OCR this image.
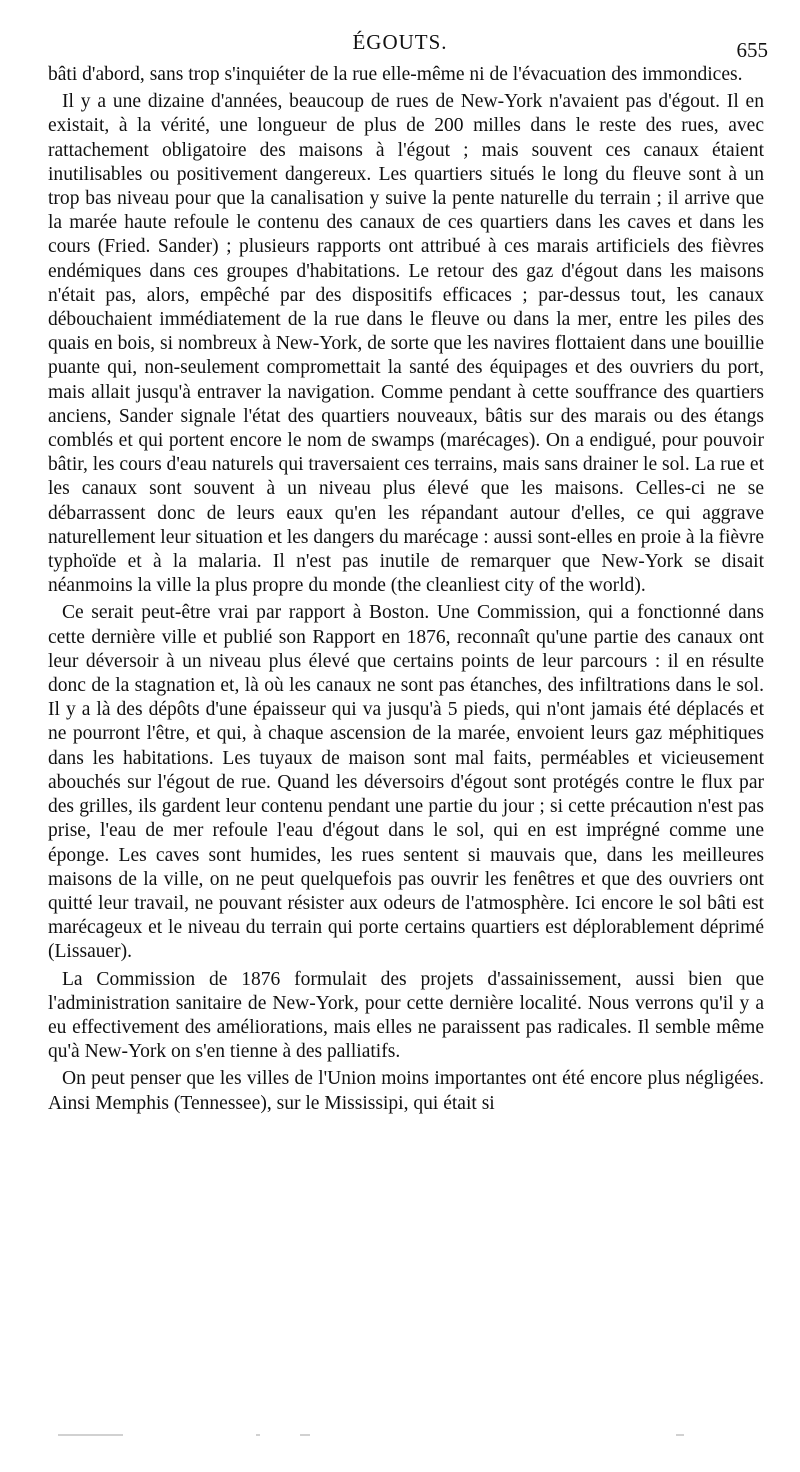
ÉGOUTS.	655

bâti d'abord, sans trop s'inquiéter de la rue elle-même ni de l'évacuation des immondices.

Il y a une dizaine d'années, beaucoup de rues de New-York n'avaient pas d'égout. Il en existait, à la vérité, une longueur de plus de 200 milles dans le reste des rues, avec rattachement obligatoire des maisons à l'égout ; mais souvent ces canaux étaient inutilisables ou positivement dangereux. Les quartiers situés le long du fleuve sont à un trop bas niveau pour que la canalisation y suive la pente naturelle du terrain ; il arrive que la marée haute refoule le contenu des canaux de ces quartiers dans les caves et dans les cours (Fried. Sander) ; plusieurs rapports ont attribué à ces marais artificiels des fièvres endémiques dans ces groupes d'habitations. Le retour des gaz d'égout dans les maisons n'était pas, alors, empêché par des dispositifs efficaces ; par-dessus tout, les canaux débouchaient immédiatement de la rue dans le fleuve ou dans la mer, entre les piles des quais en bois, si nombreux à New-York, de sorte que les navires flottaient dans une bouillie puante qui, non-seulement compromettait la santé des équipages et des ouvriers du port, mais allait jusqu'à entraver la navigation. Comme pendant à cette souffrance des quartiers anciens, Sander signale l'état des quartiers nouveaux, bâtis sur des marais ou des étangs comblés et qui portent encore le nom de swamps (marécages). On a endigué, pour pouvoir bâtir, les cours d'eau naturels qui traversaient ces terrains, mais sans drainer le sol. La rue et les canaux sont souvent à un niveau plus élevé que les maisons. Celles-ci ne se débarrassent donc de leurs eaux qu'en les répandant autour d'elles, ce qui aggrave naturellement leur situation et les dangers du marécage : aussi sont-elles en proie à la fièvre typhoïde et à la malaria. Il n'est pas inutile de remarquer que New-York se disait néanmoins la ville la plus propre du monde (the cleanliest city of the world).

Ce serait peut-être vrai par rapport à Boston. Une Commission, qui a fonctionné dans cette dernière ville et publié son Rapport en 1876, reconnaît qu'une partie des canaux ont leur déversoir à un niveau plus élevé que certains points de leur parcours : il en résulte donc de la stagnation et, là où les canaux ne sont pas étanches, des infiltrations dans le sol. Il y a là des dépôts d'une épaisseur qui va jusqu'à 5 pieds, qui n'ont jamais été déplacés et ne pourront l'être, et qui, à chaque ascension de la marée, envoient leurs gaz méphitiques dans les habitations. Les tuyaux de maison sont mal faits, perméables et vicieusement abouchés sur l'égout de rue. Quand les déversoirs d'égout sont protégés contre le flux par des grilles, ils gardent leur contenu pendant une partie du jour ; si cette précaution n'est pas prise, l'eau de mer refoule l'eau d'égout dans le sol, qui en est imprégné comme une éponge. Les caves sont humides, les rues sentent si mauvais que, dans les meilleures maisons de la ville, on ne peut quelquefois pas ouvrir les fenêtres et que des ouvriers ont quitté leur travail, ne pouvant résister aux odeurs de l'atmosphère. Ici encore le sol bâti est marécageux et le niveau du terrain qui porte certains quartiers est déplorablement déprimé (Lissauer).

La Commission de 1876 formulait des projets d'assainissement, aussi bien que l'administration sanitaire de New-York, pour cette dernière localité. Nous verrons qu'il y a eu effectivement des améliorations, mais elles ne paraissent pas radicales. Il semble même qu'à New-York on s'en tienne à des palliatifs.

On peut penser que les villes de l'Union moins importantes ont été encore plus négligées. Ainsi Memphis (Tennessee), sur le Mississipi, qui était si
